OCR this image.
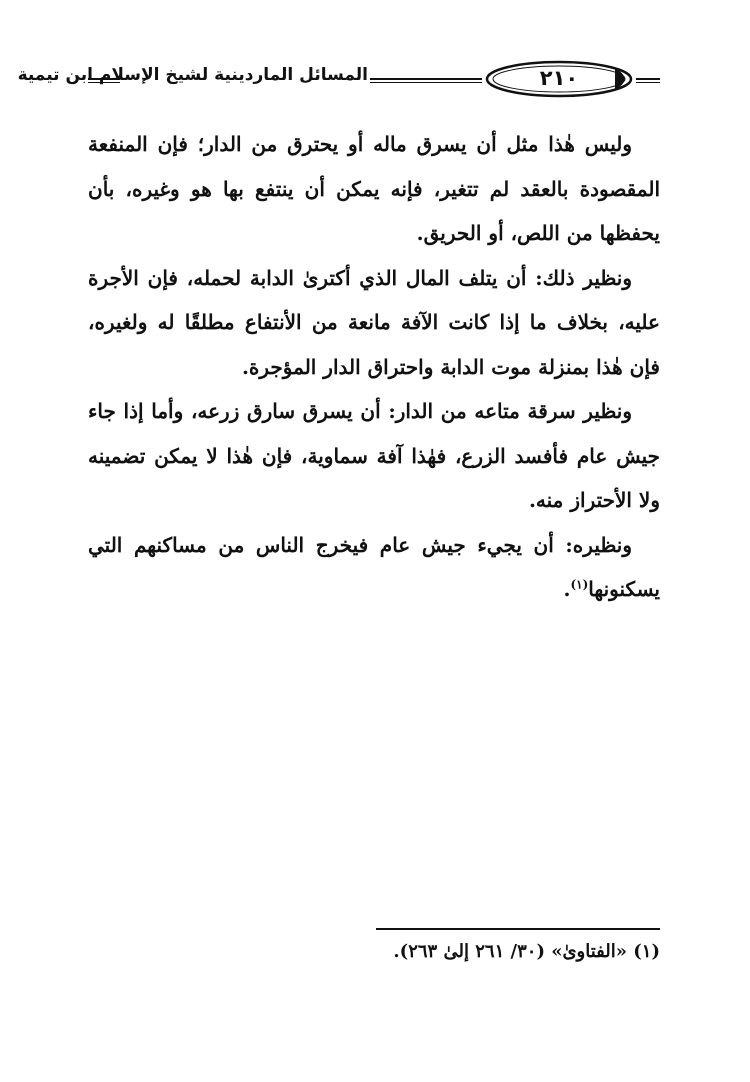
المسائل الماردينية لشيخ الإسلام ابن تيمية	٢١٠

وليس هٰذا مثل أن يسرق ماله أو يحترق من الدار؛ فإن المنفعة المقصودة بالعقد لم تتغير، فإنه يمكن أن ينتفع بها هو وغيره، بأن يحفظها من اللص، أو الحريق.

ونظير ذلك: أن يتلف المال الذي أكترىٰ الدابة لحمله، فإن الأجرة عليه، بخلاف ما إذا كانت الآفة مانعة من الأنتفاع مطلقًا له ولغيره، فإن هٰذا بمنزلة موت الدابة واحتراق الدار المؤجرة.

ونظير سرقة متاعه من الدار: أن يسرق سارق زرعه، وأما إذا جاء جيش عام فأفسد الزرع، فهٰذا آفة سماوية، فإن هٰذا لا يمكن تضمينه ولا الأحتراز منه.

ونظيره: أن يجيء جيش عام فيخرج الناس من مساكنهم التي يسكنونها$^{(١)}$.

(١) «الفتاوىٰ» (٣٠/ ٢٦١ إلىٰ ٢٦٣).
